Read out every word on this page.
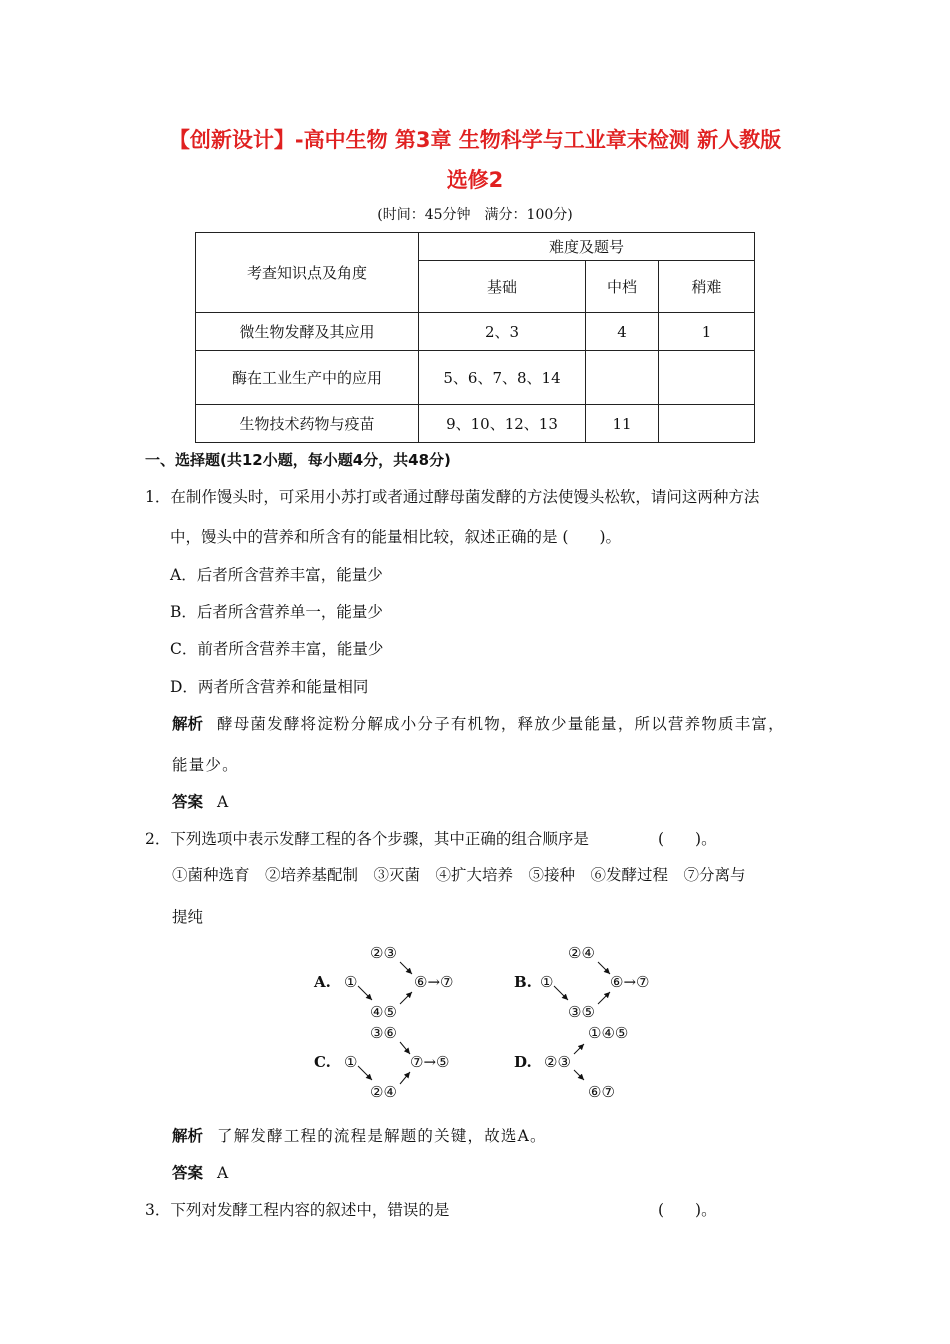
【创新设计】-高中生物 第3章 生物科学与工业章末检测 新人教版
选修2
(时间：45分钟　满分：100分)
考查知识点及角度	难度及题号		
	基础	中档	稍难
微生物发酵及其应用	2、3	4	1
酶在工业生产中的应用	5、6、7、8、14		
生物技术药物与疫苗	9、10、12、13	11	
一、选择题(共12小题，每小题4分，共48分)
1．在制作馒头时，可采用小苏打或者通过酵母菌发酵的方法使馒头松软，请问这两种方法
中，馒头中的营养和所含有的能量相比较，叙述正确的是 (　　)。
A．后者所含营养丰富，能量少
B．后者所含营养单一，能量少
C．前者所含营养丰富，能量少
D．两者所含营养和能量相同
解析 酵母菌发酵将淀粉分解成小分子有机物，释放少量能量，所以营养物质丰富，
能量少。
答案 A
2．下列选项中表示发酵工程的各个步骤，其中正确的组合顺序是	(　　)。
①菌种选育　②培养基配制　③灭菌　④扩大培养　⑤接种　⑥发酵过程　⑦分离与
提纯
A. ①
②③
④⑤
⑥→⑦	B. ①
②④
③⑤
⑥→⑦
C. ①
③⑥
②④
⑦→⑤	D. ②③
①④⑤
⑥⑦
解析 了解发酵工程的流程是解题的关键，故选A。
答案 A
3．下列对发酵工程内容的叙述中，错误的是	(　　)。
